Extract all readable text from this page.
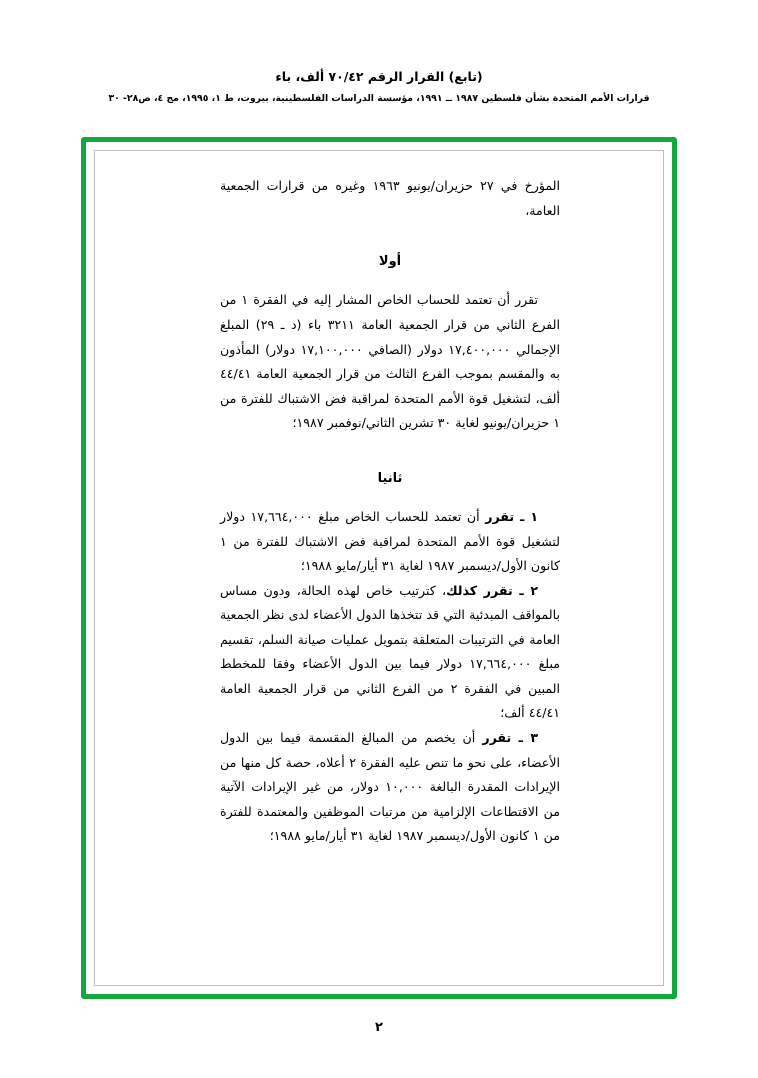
(تابع) القرار الرقم ٧٠/٤٢ ألف، باء
قرارات الأمم المتحدة بشأن فلسطين ١٩٨٧ ــ ١٩٩١، مؤسسة الدراسات الفلسطينية، بيروت، ط ١، ١٩٩٥، مج ٤، ص٢٨- ٣٠

المؤرخ في ٢٧ حزيران/يونيو ١٩٦٣ وغيره من قرارات الجمعية العامة،

أولا

تقرر أن تعتمد للحساب الخاص المشار إليه في الفقرة ١ من الفرع الثاني من قرار الجمعية العامة ٣٢١١ باء (د ـ ٢٩) المبلغ الإجمالي ١٧,٤٠٠,٠٠٠ دولار (الصافي ١٧,١٠٠,٠٠٠ دولار) المأذون به والمقسم بموجب الفرع الثالث من قرار الجمعية العامة ٤٤/٤١ ألف، لتشغيل قوة الأمم المتحدة لمراقبة فض الاشتباك للفترة من ١ حزيران/يونيو لغاية ٣٠ تشرين الثاني/نوفمبر ١٩٨٧؛

ثانيا

١ ـ تقرر أن تعتمد للحساب الخاص مبلغ ١٧,٦٦٤,٠٠٠ دولار لتشغيل قوة الأمم المتحدة لمراقبة فض الاشتباك للفترة من ١ كانون الأول/ديسمبر ١٩٨٧ لغاية ٣١ أيار/مايو ١٩٨٨؛

٢ ـ تقرر كذلك، كترتيب خاص لهذه الحالة، ودون مساس بالمواقف المبدئية التي قد تتخذها الدول الأعضاء لدى نظر الجمعية العامة في الترتيبات المتعلقة بتمويل عمليات صيانة السلم، تقسيم مبلغ ١٧,٦٦٤,٠٠٠ دولار فيما بين الدول الأعضاء وفقا للمخطط المبين في الفقرة ٢ من الفرع الثاني من قرار الجمعية العامة ٤٤/٤١ ألف؛

٣ ـ تقرر أن يخصم من المبالغ المقسمة فيما بين الدول الأعضاء، على نحو ما تنص عليه الفقرة ٢ أعلاه، حصة كل منها من الإيرادات المقدرة البالغة ١٠,٠٠٠ دولار، من غير الإيرادات الآتية من الاقتطاعات الإلزامية من مرتبات الموظفين والمعتمدة للفترة من ١ كانون الأول/ديسمبر ١٩٨٧ لغاية ٣١ أيار/مايو ١٩٨٨؛

٢
